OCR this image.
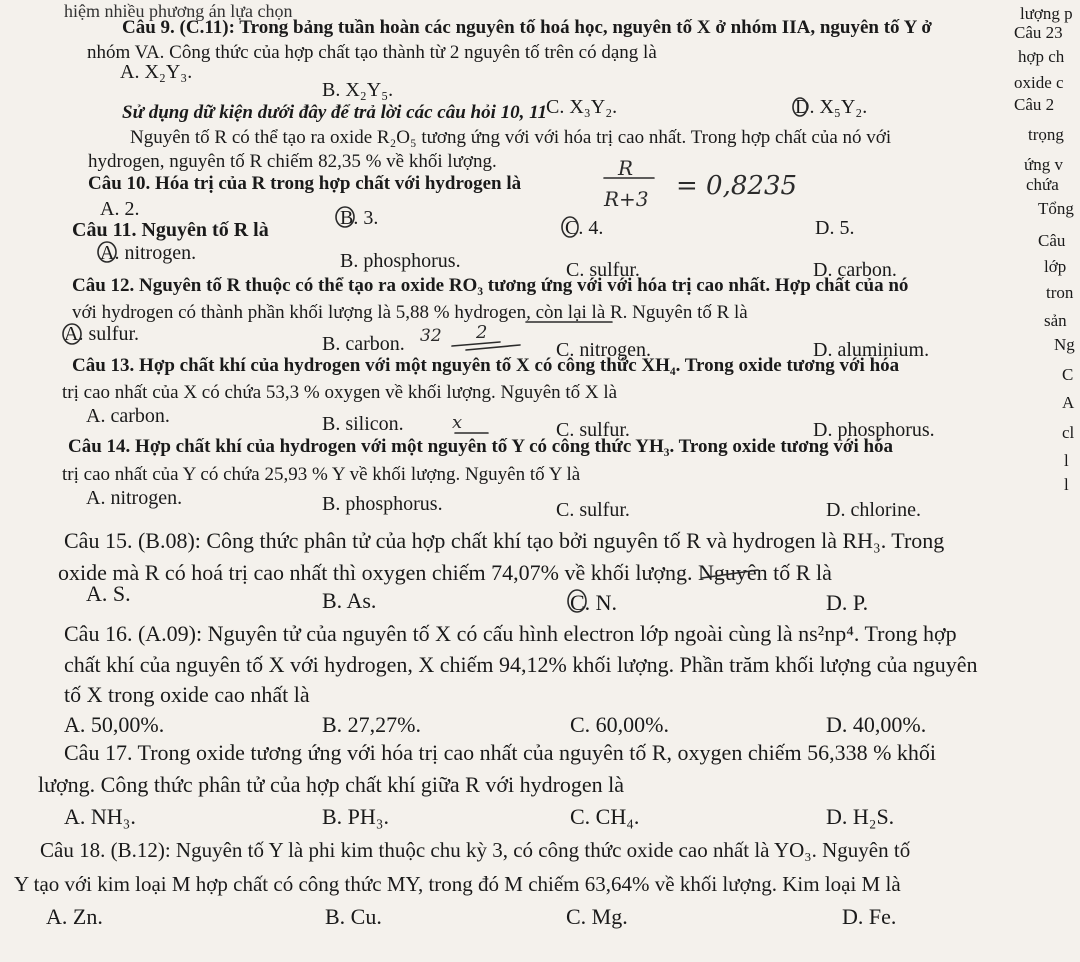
hiệm nhiều phương án lựa chọn
Câu 9. (C.11): Trong bảng tuần hoàn các nguyên tố hoá học, nguyên tố X ở nhóm IIA, nguyên tố Y ở
nhóm VA. Công thức của hợp chất tạo thành từ 2 nguyên tố trên có dạng là
A. X₂Y₃.
B. X₂Y₅.
C. X₃Y₂.	D. X₅Y₂.
Sử dụng dữ kiện dưới đây để trả lời các câu hỏi 10, 11
Nguyên tố R có thể tạo ra oxide R₂O₅ tương ứng với với hóa trị cao nhất. Trong hợp chất của nó với
hydrogen, nguyên tố R chiếm 82,35 % về khối lượng.
Câu 10. Hóa trị của R trong hợp chất với hydrogen là
A. 2.	B. 3.	C. 4.	D. 5.
Câu 11. Nguyên tố R là
A. nitrogen.	B. phosphorus.	C. sulfur.	D. carbon.
Câu 12. Nguyên tố R thuộc có thể tạo ra oxide RO₃ tương ứng với với hóa trị cao nhất. Hợp chất của nó
với hydrogen có thành phần khối lượng là 5,88 % hydrogen, còn lại là R. Nguyên tố R là
A. sulfur.	B. carbon.	C. nitrogen.	D. aluminium.
Câu 13. Hợp chất khí của hydrogen với một nguyên tố X có công thức XH₄. Trong oxide tương với hóa
trị cao nhất của X có chứa 53,3 % oxygen về khối lượng. Nguyên tố X là
A. carbon.	B. silicon.	C. sulfur.	D. phosphorus.
Câu 14. Hợp chất khí của hydrogen với một nguyên tố Y có công thức YH₃. Trong oxide tương với hóa
trị cao nhất của Y có chứa 25,93 % Y về khối lượng. Nguyên tố Y là
A. nitrogen.	B. phosphorus.	C. sulfur.	D. chlorine.
Câu 15. (B.08): Công thức phân tử của hợp chất khí tạo bởi nguyên tố R và hydrogen là RH₃. Trong
oxide mà R có hoá trị cao nhất thì oxygen chiếm 74,07% về khối lượng. Nguyên tố R là
A. S.	B. As.	C. N.	D. P.
Câu 16. (A.09): Nguyên tử của nguyên tố X có cấu hình electron lớp ngoài cùng là ns²np⁴. Trong hợp
chất khí của nguyên tố X với hydrogen, X chiếm 94,12% khối lượng. Phần trăm khối lượng của nguyên
tố X trong oxide cao nhất là
A. 50,00%.	B. 27,27%.	C. 60,00%.	D. 40,00%.
Câu 17. Trong oxide tương ứng với hóa trị cao nhất của nguyên tố R, oxygen chiếm 56,338 % khối
lượng. Công thức phân tử của hợp chất khí giữa R với hydrogen là
A. NH₃.	B. PH₃.	C. CH₄.	D. H₂S.
Câu 18. (B.12): Nguyên tố Y là phi kim thuộc chu kỳ 3, có công thức oxide cao nhất là YO₃. Nguyên tố
Y tạo với kim loại M hợp chất có công thức MY, trong đó M chiếm 63,64% về khối lượng. Kim loại M là
A. Zn.	B. Cu.	C. Mg.	D. Fe.
lượng p
Câu 23
hợp ch
oxide c
Câu 2
trọng
ứng v
chứa
Tổng
Câu
lớp
tron
sản
Ng
C
A
cl
l
l
R
R+3 = 0,8235
32 2
x
